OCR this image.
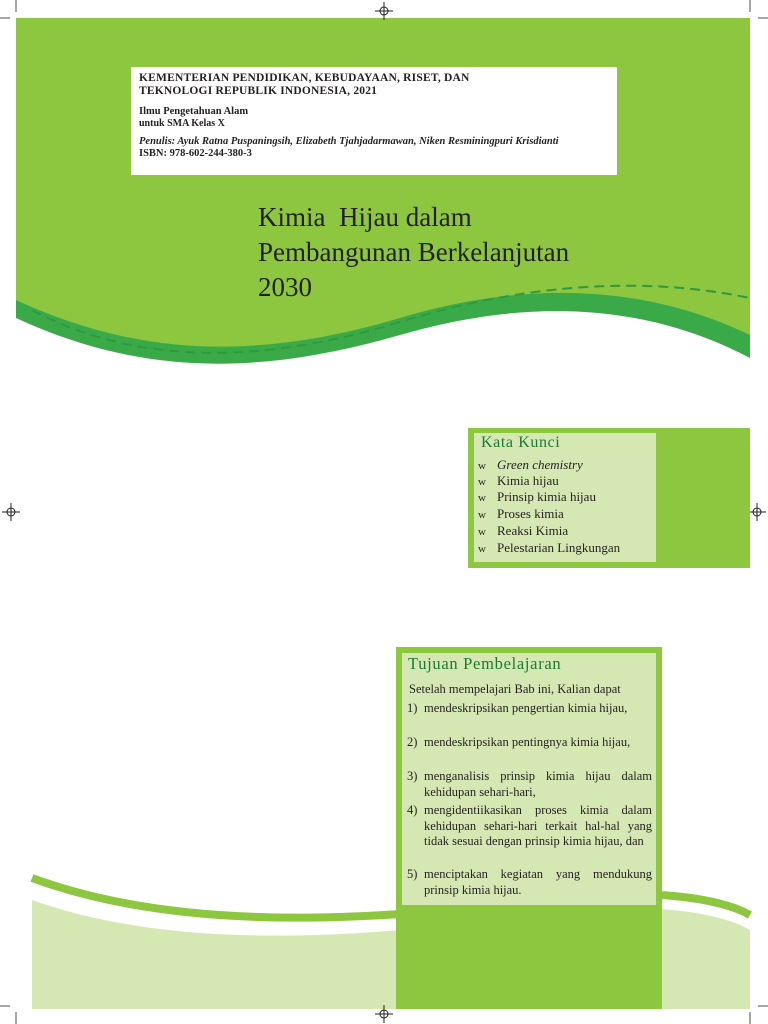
KEMENTERIAN PENDIDIKAN, KEBUDAYAAN, RISET, DAN
TEKNOLOGI REPUBLIK INDONESIA, 2021
Ilmu Pengetahuan Alam
untuk SMA Kelas X
Penulis: Ayuk Ratna Puspaningsih, Elizabeth Tjahjadarmawan, Niken Resminingpuri Krisdianti
ISBN: 978-602-244-380-3
Kimia  Hijau dalam
Pembangunan Berkelanjutan
2030
Kata Kunci
w Green chemistry
w Kimia hijau
w Prinsip kimia hijau
w Proses kimia
w Reaksi Kimia
w Pelestarian Lingkungan
Tujuan Pembelajaran
Setelah mempelajari Bab ini, Kalian dapat
1) mendeskripsikan pengertian kimia hijau,
2) mendeskripsikan pentingnya kimia hijau,
3) menganalisis prinsip kimia hijau dalam kehidupan sehari-hari,
4) mengidentiikasikan proses kimia dalam kehidupan sehari-hari terkait hal-hal yang tidak sesuai dengan prinsip kimia hijau, dan
5) menciptakan kegiatan yang mendukung prinsip kimia hijau.
